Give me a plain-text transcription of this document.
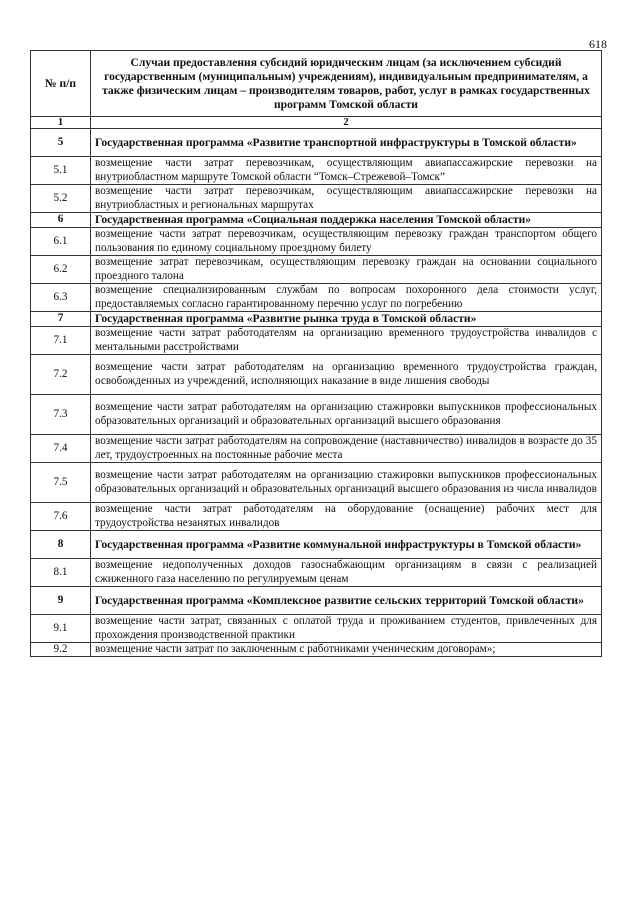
618
№ п/п	Случаи предоставления субсидий юридическим лицам (за исключением субсидий государственным (муниципальным) учреждениям), индивидуальным предпринимателям, а также физическим лицам – производителям товаров, работ, услуг в рамках государственных программ Томской области
1	2
5	Государственная программа «Развитие транспортной инфраструктуры в Томской области»
5.1	возмещение части затрат перевозчикам, осуществляющим авиапассажирские перевозки на внутриобластном маршруте Томской области “Томск–Стрежевой–Томск”
5.2	возмещение части затрат перевозчикам, осуществляющим авиапассажирские перевозки на внутриобластных и региональных маршрутах
6	Государственная программа «Социальная поддержка населения Томской области»
6.1	возмещение части затрат перевозчикам, осуществляющим перевозку граждан транспортом общего пользования по единому социальному проездному билету
6.2	возмещение затрат перевозчикам, осуществляющим перевозку граждан на основании социального проездного талона
6.3	возмещение специализированным службам по вопросам похоронного дела стоимости услуг, предоставляемых согласно гарантированному перечню услуг по погребению
7	Государственная программа «Развитие рынка труда в Томской области»
7.1	возмещение части затрат работодателям на организацию временного трудоустройства инвалидов с ментальными расстройствами
7.2	возмещение части затрат работодателям на организацию временного трудоустройства граждан, освобожденных из учреждений, исполняющих наказание в виде лишения свободы
7.3	возмещение части затрат работодателям на организацию стажировки выпускников профессиональных образовательных организаций и образовательных организаций высшего образования
7.4	возмещение части затрат работодателям на сопровождение (наставничество) инвалидов в возрасте до 35 лет, трудоустроенных на постоянные рабочие места
7.5	возмещение части затрат работодателям на организацию стажировки выпускников профессиональных образовательных организаций и образовательных организаций высшего образования из числа инвалидов
7.6	возмещение части затрат работодателям на оборудование (оснащение) рабочих мест для трудоустройства незанятых инвалидов
8	Государственная программа «Развитие коммунальной инфраструктуры в Томской области»
8.1	возмещение недополученных доходов газоснабжающим организациям в связи с реализацией сжиженного газа населению по регулируемым ценам
9	Государственная программа «Комплексное развитие сельских территорий Томской области»
9.1	возмещение части затрат, связанных с оплатой труда и проживанием студентов, привлеченных для прохождения производственной практики
9.2	возмещение части затрат по заключенным с работниками ученическим договорам»;
